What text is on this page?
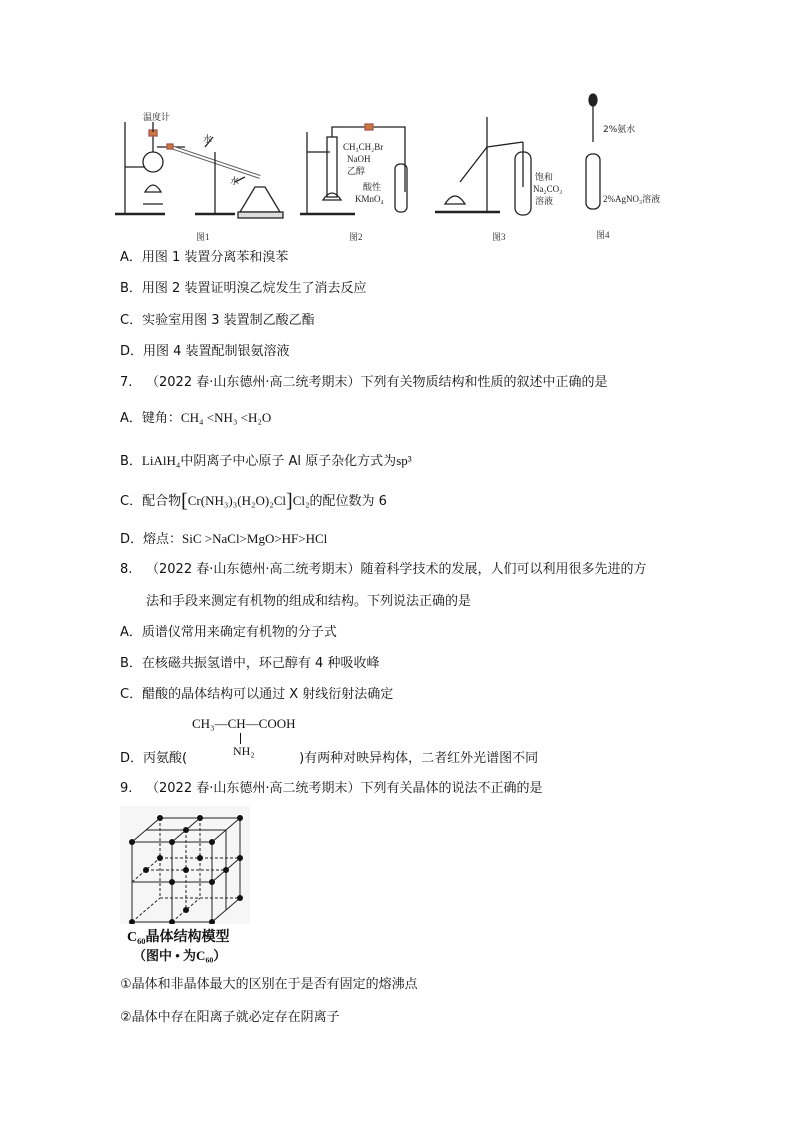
温度计
水
水
CH₃CH₂Br
NaOH
乙醇
酸性
KMnO₄
饱和
Na₂CO₃
溶液
2%氨水
2%AgNO₃溶液
图1	图2	图3	图4
A．用图 1 装置分离苯和溴苯
B．用图 2 装置证明溴乙烷发生了消去反应
C．实验室用图 3 装置制乙酸乙酯
D．用图 4 装置配制银氨溶液
7. （2022 春·山东德州·高二统考期末）下列有关物质结构和性质的叙述中正确的是
A．键角：CH₄ <NH₃ <H₂O
B．LiAlH₄中阴离子中心原子 Al 原子杂化方式为sp³
C．配合物[Cr(NH₃)₃(H₂O)₂Cl]Cl₂的配位数为 6
D．熔点：SiC >NaCl>MgO>HF>HCl
8. （2022 春·山东德州·高二统考期末）随着科学技术的发展，人们可以利用很多先进的方
法和手段来测定有机物的组成和结构。下列说法正确的是
A．质谱仪常用来确定有机物的分子式
B．在核磁共振氢谱中，环己醇有 4 种吸收峰
C．醋酸的晶体结构可以通过 X 射线衍射法确定
CH₃—CH—COOH
NH₂
D．丙氨酸(	)有两种对映异构体，二者红外光谱图不同
9. （2022 春·山东德州·高二统考期末）下列有关晶体的说法不正确的是
C₆₀晶体结构模型
（图中 • 为C₆₀）
①晶体和非晶体最大的区别在于是否有固定的熔沸点
②晶体中存在阳离子就必定存在阴离子
